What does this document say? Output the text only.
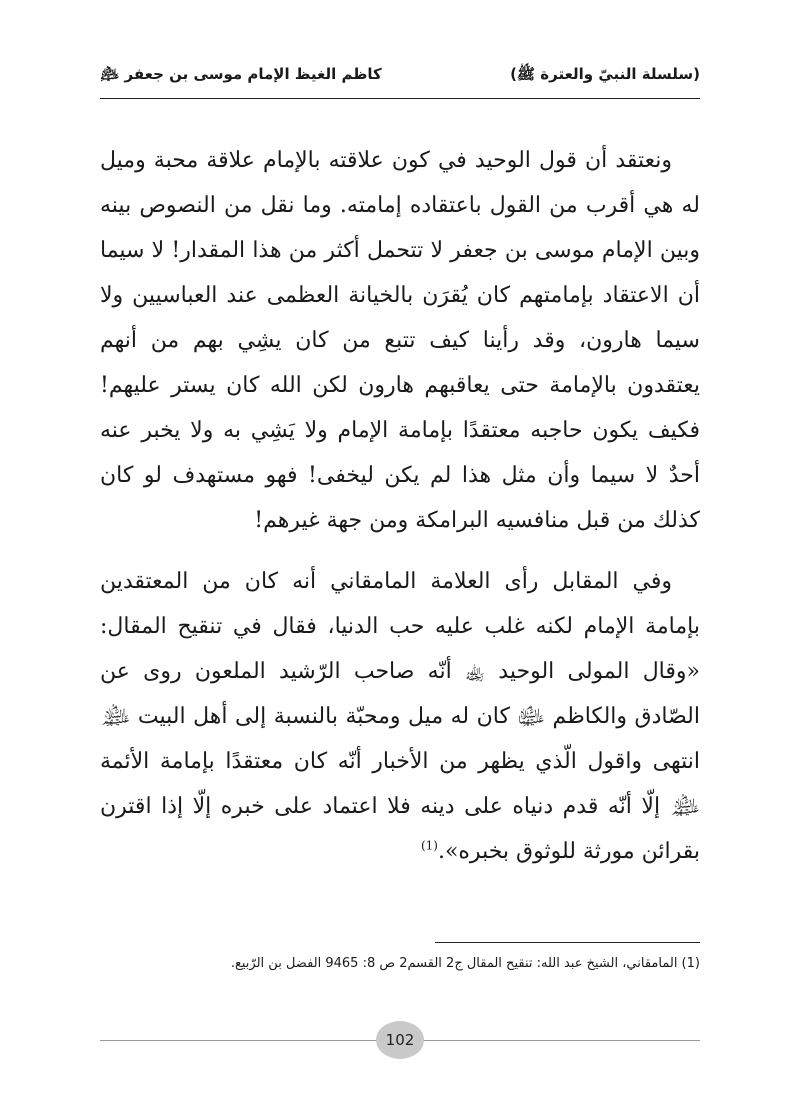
(سلسلة النبيّ والعترة ﷺ)
كاظم الغيظ الإمام موسى بن جعفر ﵇

ونعتقد أن قول الوحيد في كون علاقته بالإمام علاقة محبة وميل له هي أقرب من القول باعتقاده إمامته. وما نقل من النصوص بينه وبين الإمام موسى بن جعفر لا تتحمل أكثر من هذا المقدار! لا سيما أن الاعتقاد بإمامتهم كان يُقرَن بالخيانة العظمى عند العباسيين ولا سيما هارون، وقد رأينا كيف تتبع من كان يشِي بهم من أنهم يعتقدون بالإمامة حتى يعاقبهم هارون لكن الله كان يستر عليهم! فكيف يكون حاجبه معتقدًا بإمامة الإمام ولا يَشِي به ولا يخبر عنه أحدٌ لا سيما وأن مثل هذا لم يكن ليخفى! فهو مستهدف لو كان كذلك من قبل منافسيه البرامكة ومن جهة غيرهم!

وفي المقابل رأى العلامة المامقاني أنه كان من المعتقدين بإمامة الإمام لكنه غلب عليه حب الدنيا، فقال في تنقيح المقال: «وقال المولى الوحيد ﵀ أنّه صاحب الرّشيد الملعون روى عن الصّادق والكاظم ﵉ كان له ميل ومحبّة بالنسبة إلى أهل البيت ﵈ انتهى واقول الّذي يظهر من الأخبار أنّه كان معتقدًا بإمامة الأئمة ﵈ إلّا أنّه قدم دنياه على دينه فلا اعتماد على خبره إلّا إذا اقترن بقرائن مورثة للوثوق بخبره».$^{(1)}$

(1) المامقاني، الشيخ عبد الله: تنقيح المقال ج2 القسم2 ص 8: 9465 الفضل بن الرّبيع.
102
